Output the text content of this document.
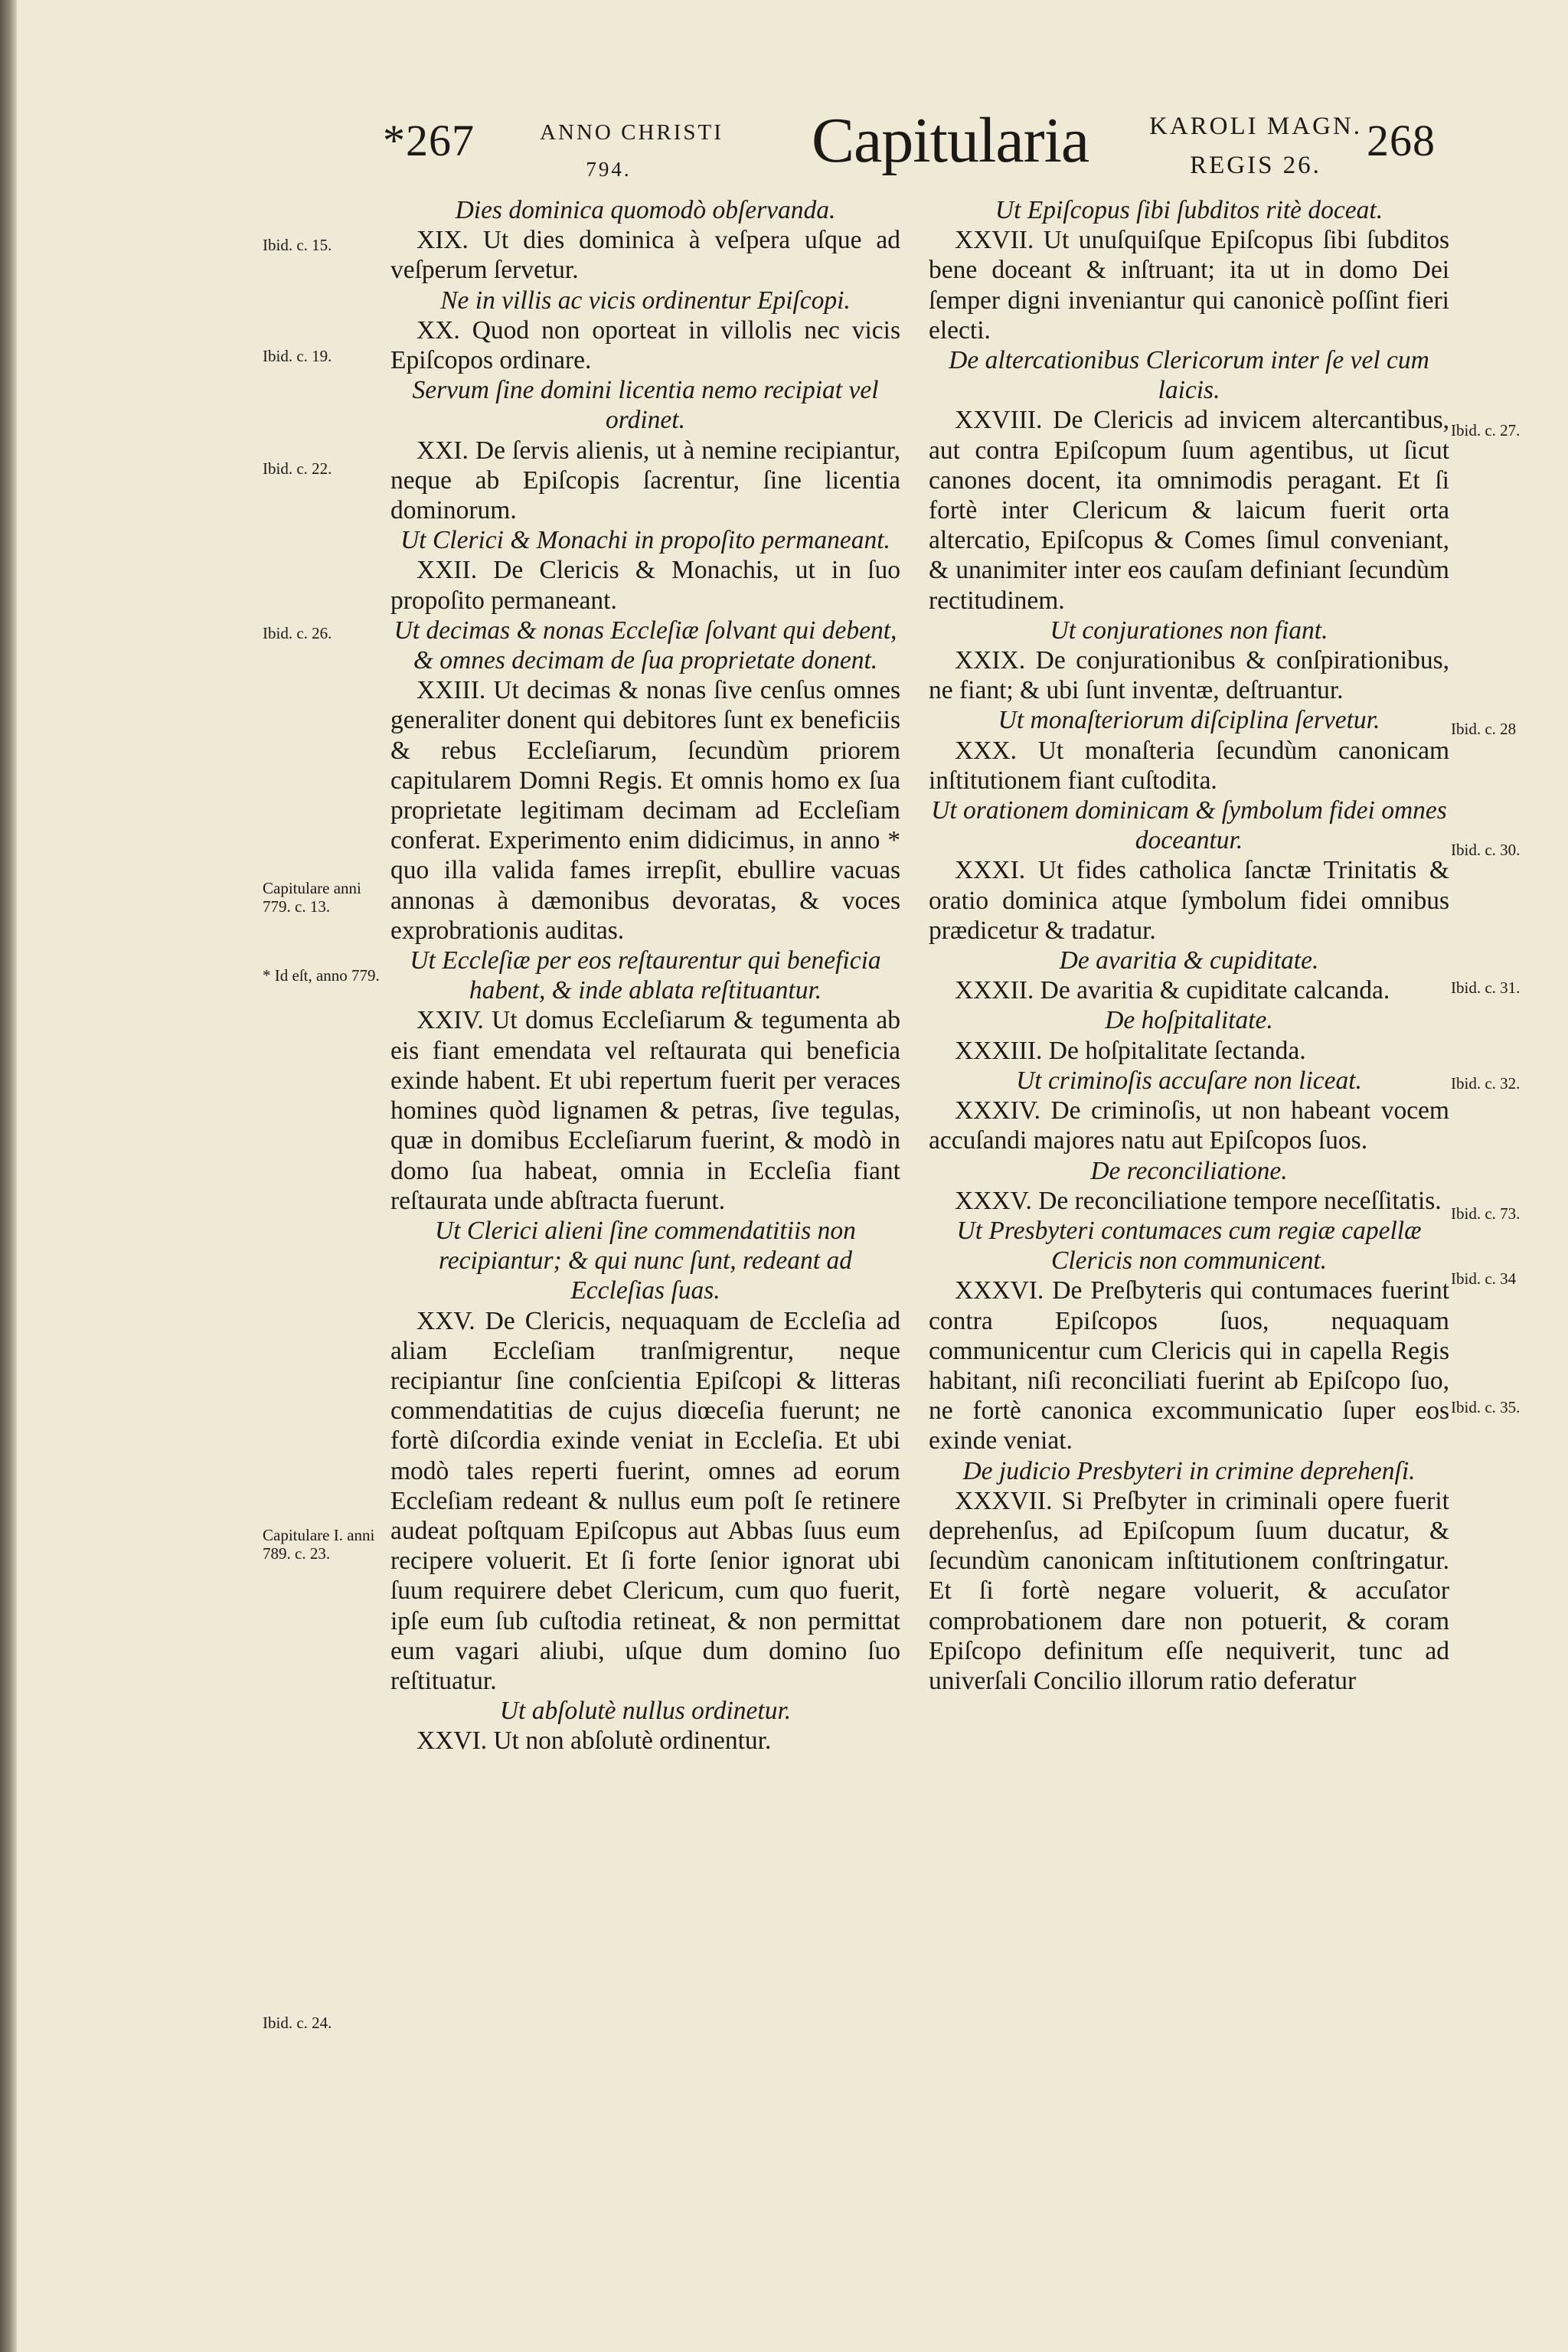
*267	ANNO CHRISTI
794.	Capitularia	KAROLI MAGN.
REGIS 26.
268
Dies dominica quomodò obſervanda.

XIX. Ut dies dominica à veſpera uſque ad veſperum ſervetur.

Ne in villis ac vicis ordinentur Epiſcopi.

XX. Quod non oporteat in villolis nec vicis Epiſcopos ordinare.

Servum ſine domini licentia nemo recipiat vel ordinet.

XXI. De ſervis alienis, ut à nemine recipiantur, neque ab Epiſcopis ſacrentur, ſine licentia dominorum.

Ut Clerici & Monachi in propoſito permaneant.

XXII. De Clericis & Monachis, ut in ſuo propoſito permaneant.

Ut decimas & nonas Eccleſiæ ſolvant qui debent, & omnes decimam de ſua proprietate donent.

XXIII. Ut decimas & nonas ſive cenſus omnes generaliter donent qui debitores ſunt ex beneficiis & rebus Eccleſiarum, ſecundùm priorem capitularem Domni Regis. Et omnis homo ex ſua proprietate legitimam decimam ad Eccleſiam conferat. Experimento enim didicimus, in anno * quo illa valida fames irrepſit, ebullire vacuas annonas à dæmonibus devoratas, & voces exprobrationis auditas.

Ut Eccleſiæ per eos reſtaurentur qui beneficia habent, & inde ablata reſtituantur.

XXIV. Ut domus Eccleſiarum & tegumenta ab eis fiant emendata vel reſtaurata qui beneficia exinde habent. Et ubi repertum fuerit per veraces homines quòd lignamen & petras, ſive tegulas, quæ in domibus Eccleſiarum fuerint, & modò in domo ſua habeat, omnia in Eccleſia fiant reſtaurata unde abſtracta fuerunt.

Ut Clerici alieni ſine commendatitiis non recipiantur; & qui nunc ſunt, redeant ad Eccleſias ſuas.

XXV. De Clericis, nequaquam de Eccleſia ad aliam Eccleſiam tranſmigrentur, neque recipiantur ſine conſcientia Epiſcopi & litteras commendatitias de cujus diœceſia fuerunt; ne fortè diſcordia exinde veniat in Eccleſia. Et ubi modò tales reperti fuerint, omnes ad eorum Eccleſiam redeant & nullus eum poſt ſe retinere audeat poſtquam Epiſcopus aut Abbas ſuus eum recipere voluerit. Et ſi forte ſenior ignorat ubi ſuum requirere debet Clericum, cum quo fuerit, ipſe eum ſub cuſtodia retineat, & non permittat eum vagari aliubi, uſque dum domino ſuo reſtituatur.

Ut abſolutè nullus ordinetur.

XXVI. Ut non abſolutè ordinentur.

Ut Epiſcopus ſibi ſubditos ritè doceat.

XXVII. Ut unuſquiſque Epiſcopus ſibi ſubditos bene doceant & inſtruant; ita ut in domo Dei ſemper digni inveniantur qui canonicè poſſint fieri electi.

De altercationibus Clericorum inter ſe vel cum laicis.

XXVIII. De Clericis ad invicem altercantibus, aut contra Epiſcopum ſuum agentibus, ut ſicut canones docent, ita omnimodis peragant. Et ſi fortè inter Clericum & laicum fuerit orta altercatio, Epiſcopus & Comes ſimul conveniant, & unanimiter inter eos cauſam definiant ſecundùm rectitudinem.

Ut conjurationes non fiant.

XXIX. De conjurationibus & conſpirationibus, ne fiant; & ubi ſunt inventæ, deſtruantur.

Ut monaſteriorum diſciplina ſervetur.

XXX. Ut monaſteria ſecundùm canonicam inſtitutionem fiant cuſtodita.

Ut orationem dominicam & ſymbolum fidei omnes doceantur.

XXXI. Ut fides catholica ſanctæ Trinitatis & oratio dominica atque ſymbolum fidei omnibus prædicetur & tradatur.

De avaritia & cupiditate.

XXXII. De avaritia & cupiditate calcanda.

De hoſpitalitate.

XXXIII. De hoſpitalitate ſectanda.

Ut criminoſis accuſare non liceat.

XXXIV. De criminoſis, ut non habeant vocem accuſandi majores natu aut Epiſcopos ſuos.

De reconciliatione.

XXXV. De reconciliatione tempore neceſſitatis.

Ut Presbyteri contumaces cum regiæ capellæ Clericis non communicent.

XXXVI. De Preſbyteris qui contumaces fuerint contra Epiſcopos ſuos, nequaquam communicentur cum Clericis qui in capella Regis habitant, niſi reconciliati fuerint ab Epiſcopo ſuo, ne fortè canonica excommunicatio ſuper eos exinde veniat.

De judicio Presbyteri in crimine deprehenſi.

XXXVII. Si Preſbyter in criminali opere fuerit deprehenſus, ad Epiſcopum ſuum ducatur, & ſecundùm canonicam inſtitutionem conſtringatur. Et ſi fortè negare voluerit, & accuſator comprobationem dare non potuerit, & coram Epiſcopo definitum eſſe nequiverit, tunc ad univerſali Concilio illorum ratio deferatur

Ibid. c. 15.
Ibid. c. 19.
Ibid. c. 22.
Ibid. c. 26.
Capitulare anni 779. c. 13.
* Id eſt, anno 779.
Capitulare I. anni 789. c. 23.
Ibid. c. 24.
Ibid. c. 27.
Ibid. c. 28
Ibid. c. 30.
Ibid. c. 31.
Ibid. c. 32.
Ibid. c. 73.
Ibid. c. 34
Ibid. c. 35.
